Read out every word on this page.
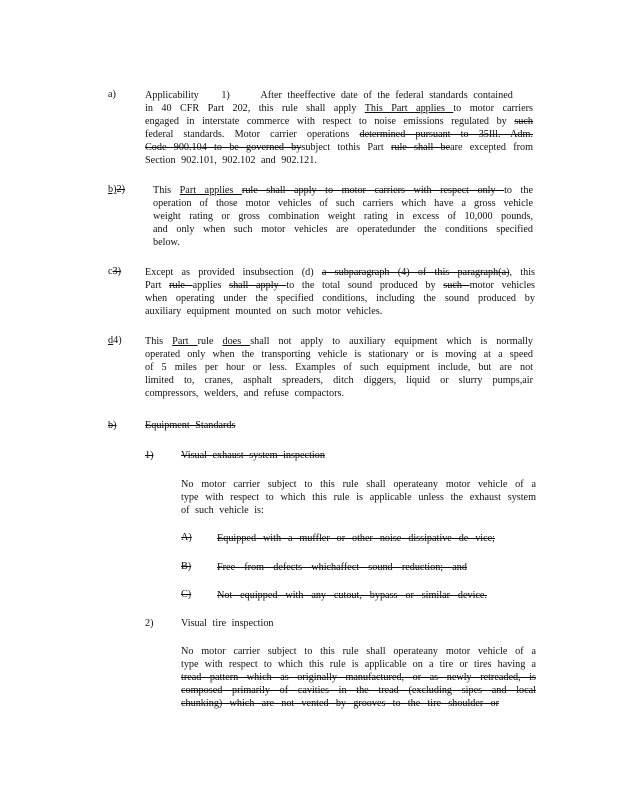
a)	Applicability 1)	After theeffective date of the federal standards contained
in 40 CFR Part 202, this rule shall apply This Part applies to motor carriers
engaged in interstate commerce with respect to noise emissions regulated by such
federal standards. Motor carrier operations determined pursuant to 35Ill. Adm.
Code 900.104 to be governed bysubject tothis Part rule shall beare excepted from
Section 902.101, 902.102 and 902.121.
b)2)	This Part applies rule shall apply to motor carriers with respect only to the
operation of those motor vehicles of such carriers which have a gross vehicle
weight rating or gross combination weight rating in excess of 10,000 pounds,
and only when such motor vehicles are operatedunder the conditions specified
below.
c3) Except as provided insubsection (d) a subparagraph (4) of this paragraph(a), this
Part rule applies shall apply to the total sound produced by such motor vehicles
when operating under the specified conditions, including the sound produced by
auxiliary equipment mounted on such motor vehicles.
d4) This Part rule does shall not apply to auxiliary equipment which is normally
operated only when the transporting vehicle is stationary or is moving at a speed
of 5 miles per hour or less. Examples of such equipment include, but are not
limited to, cranes, asphalt spreaders, ditch diggers, liquid or slurry pumps,air
compressors, welders, and refuse compactors.
b)	Equipment Standards
1)	Visual exhaust system inspection
No motor carrier subject to this rule shall operateany motor vehicle of a
type with respect to which this rule is applicable unless the exhaust system
of such vehicle is:
A) Equipped with a muffler or other noise dissipative de vice;
B)	Free from defects whichaffect sound reduction; and
C)	Not equipped with any cutout, bypass or similar device.
2)	Visual tire inspection
No motor carrier subject to this rule shall operateany motor vehicle of a
type with respect to which this rule is applicable on a tire or tires having a
tread pattern which as originally manufactured, or as newly retreaded, is
composed primarily of cavities in the tread (excluding sipes and local
chunking) which are not vented by grooves to the tire shoulder or
